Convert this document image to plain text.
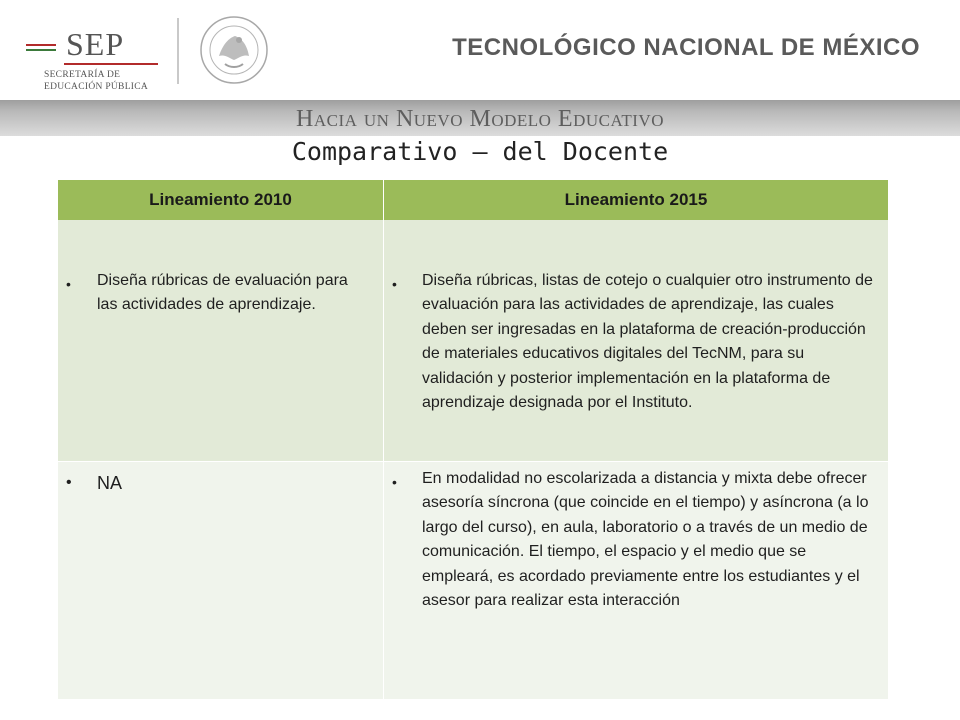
SEP
SECRETARÍA DE
EDUCACIÓN PÚBLICA
TECNOLÓGICO NACIONAL DE MÉXICO
Hacia un Nuevo Modelo Educativo
Comparativo – del Docente
Lineamiento 2010	Lineamiento 2015
• Diseña rúbricas de evaluación para las actividades de aprendizaje.
• Diseña rúbricas, listas de cotejo o cualquier otro instrumento de evaluación para las actividades de aprendizaje, las cuales deben ser ingresadas en la plataforma de creación-producción de materiales educativos digitales del TecNM, para su validación y posterior implementación en la plataforma de aprendizaje designada por el Instituto.
• NA	• En modalidad no escolarizada a distancia y mixta debe ofrecer asesoría síncrona (que coincide en el tiempo) y asíncrona (a lo largo del curso), en aula, laboratorio o a través de un medio de comunicación. El tiempo, el espacio y el medio que se empleará, es acordado previamente entre los estudiantes y el asesor para realizar esta interacción
